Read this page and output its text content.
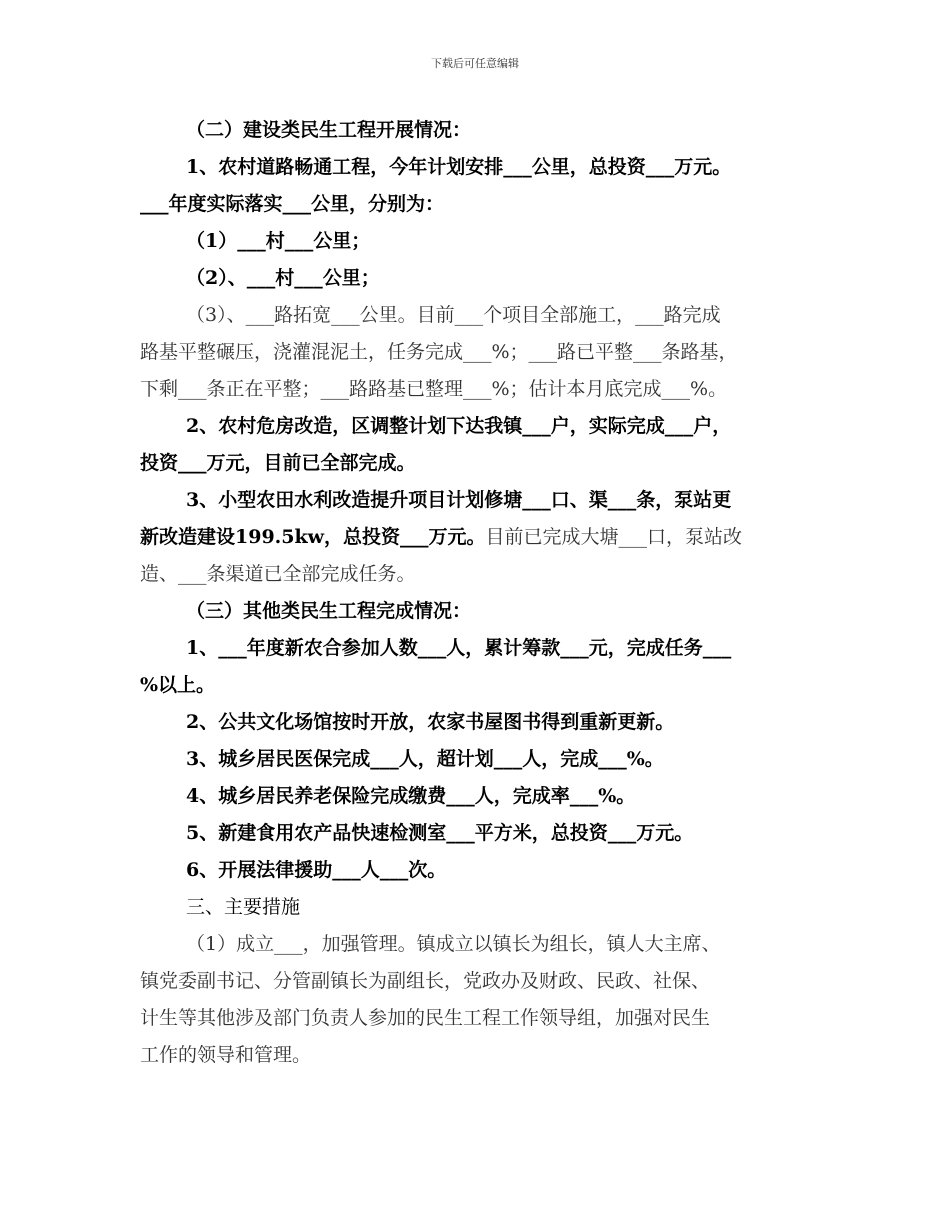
下载后可任意编辑
（二）建设类民生工程开展情况：
1、农村道路畅通工程，今年计划安排___公里，总投资___万元。
___年度实际落实___公里，分别为：
（1）___村___公里；
（2）、___村___公里；
（3）、___路拓宽___公里。目前___个项目全部施工，___路完成
路基平整碾压，浇灌混泥土，任务完成___%；___路已平整___条路基，
下剩___条正在平整；___路路基已整理___%；估计本月底完成___%。
2、农村危房改造，区调整计划下达我镇___户，实际完成___户，
投资___万元，目前已全部完成。
3、小型农田水利改造提升项目计划修塘___口、渠___条，泵站更
新改造建设199.5kw，总投资___万元。目前已完成大塘___口，泵站改
造、___条渠道已全部完成任务。
（三）其他类民生工程完成情况：
1、___年度新农合参加人数___人，累计筹款___元，完成任务___
%以上。
2、公共文化场馆按时开放，农家书屋图书得到重新更新。
3、城乡居民医保完成___人，超计划___人，完成___%。
4、城乡居民养老保险完成缴费___人，完成率___%。
5、新建食用农产品快速检测室___平方米，总投资___万元。
6、开展法律援助___人___次。
三、主要措施
（1）成立___，加强管理。镇成立以镇长为组长，镇人大主席、
镇党委副书记、分管副镇长为副组长，党政办及财政、民政、社保、
计生等其他涉及部门负责人参加的民生工程工作领导组，加强对民生
工作的领导和管理。
